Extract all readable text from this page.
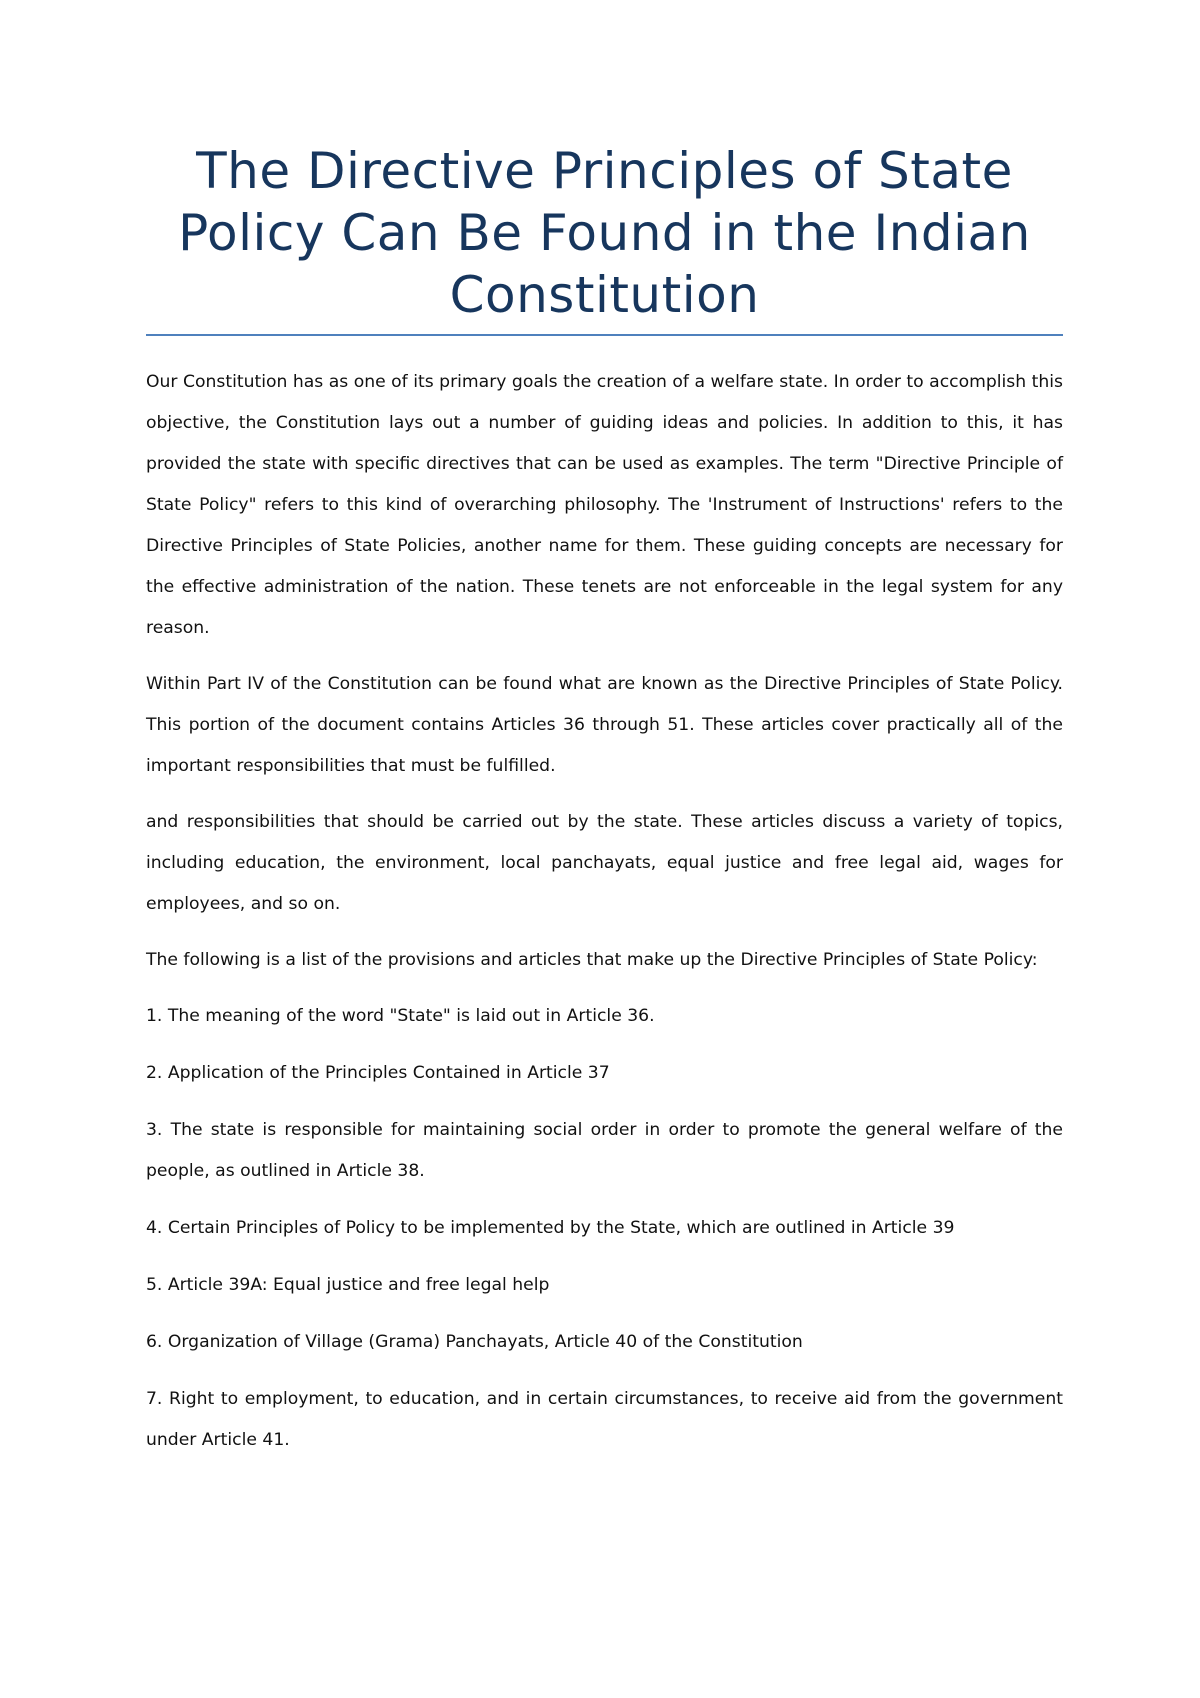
The Directive Principles of State Policy Can Be Found in the Indian Constitution

Our Constitution has as one of its primary goals the creation of a welfare state. In order to accomplish this objective, the Constitution lays out a number of guiding ideas and policies. In addition to this, it has provided the state with specific directives that can be used as examples. The term "Directive Principle of State Policy" refers to this kind of overarching philosophy. The 'Instrument of Instructions' refers to the Directive Principles of State Policies, another name for them. These guiding concepts are necessary for the effective administration of the nation. These tenets are not enforceable in the legal system for any reason.

Within Part IV of the Constitution can be found what are known as the Directive Principles of State Policy. This portion of the document contains Articles 36 through 51. These articles cover practically all of the important responsibilities that must be fulfilled.

and responsibilities that should be carried out by the state. These articles discuss a variety of topics, including education, the environment, local panchayats, equal justice and free legal aid, wages for employees, and so on.

The following is a list of the provisions and articles that make up the Directive Principles of State Policy:

1. The meaning of the word "State" is laid out in Article 36.

2. Application of the Principles Contained in Article 37

3. The state is responsible for maintaining social order in order to promote the general welfare of the people, as outlined in Article 38.

4. Certain Principles of Policy to be implemented by the State, which are outlined in Article 39

5. Article 39A: Equal justice and free legal help

6. Organization of Village (Grama) Panchayats, Article 40 of the Constitution

7. Right to employment, to education, and in certain circumstances, to receive aid from the government under Article 41.
